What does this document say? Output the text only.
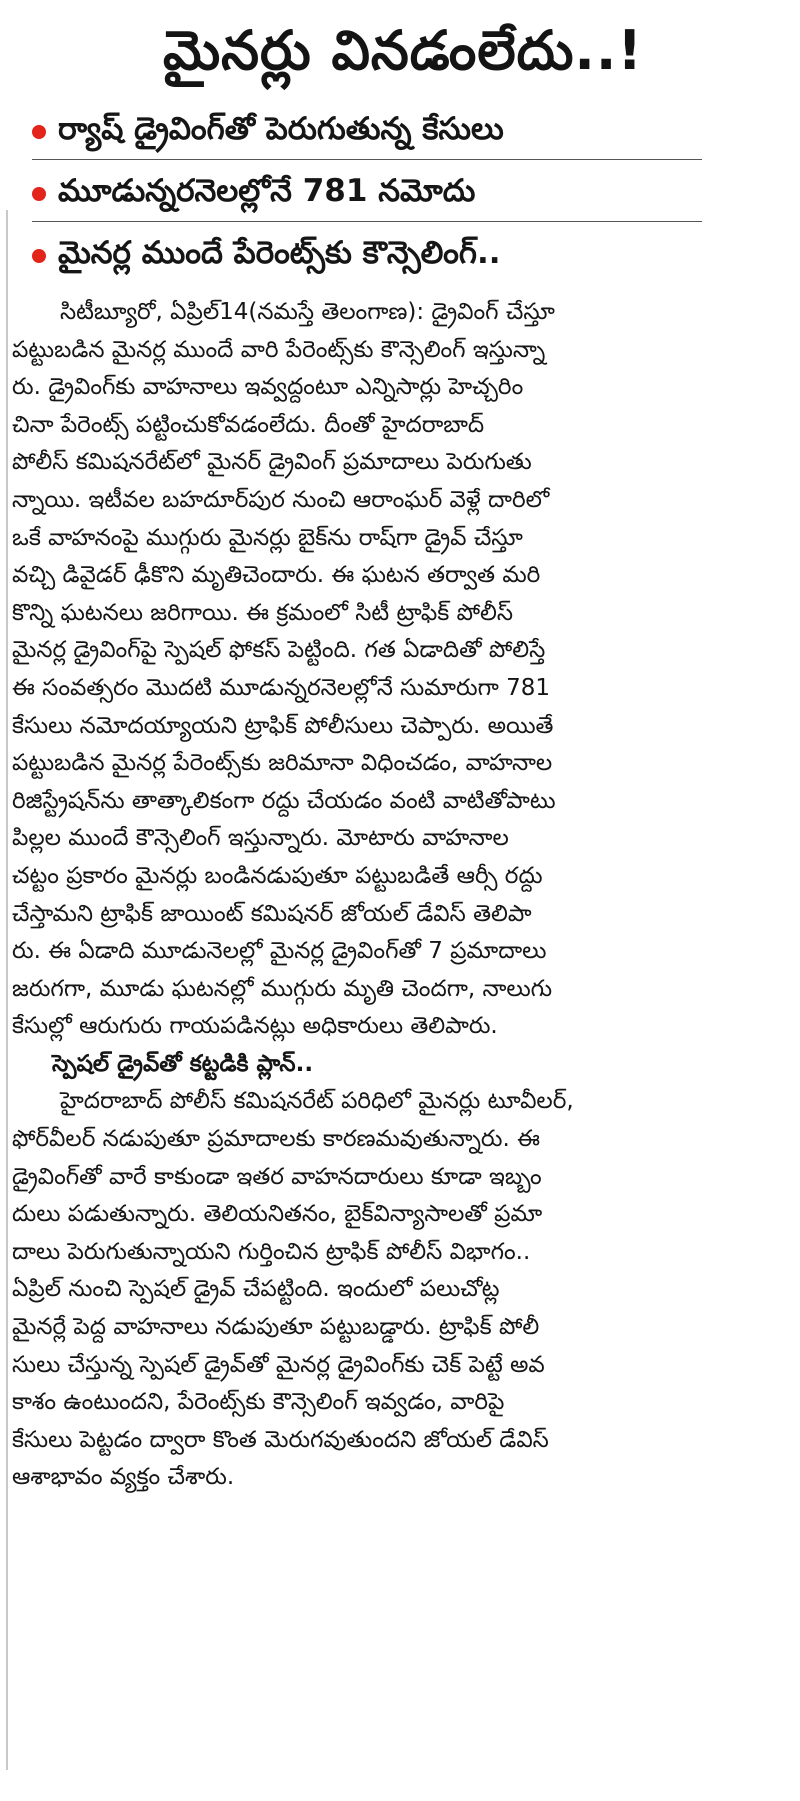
మైనర్లు వినడంలేదు..!
ర్యాష్ డ్రైవింగ్‌తో పెరుగుతున్న కేసులు
మూడున్నరనెలల్లోనే 781 నమోదు
మైనర్ల ముందే పేరెంట్స్‌కు కౌన్సెలింగ్..
సిటీబ్యూరో, ఏప్రిల్14(నమస్తే తెలంగాణ): డ్రైవింగ్ చేస్తూ
పట్టుబడిన మైనర్ల ముందే వారి పేరెంట్స్‌కు కౌన్సెలింగ్ ఇస్తున్నా
రు. డ్రైవింగ్‌కు వాహనాలు ఇవ్వద్దంటూ ఎన్నిసార్లు హెచ్చరిం
చినా పేరెంట్స్ పట్టించుకోవడంలేదు. దీంతో హైదరాబాద్
పోలీస్ కమిషనరేట్‌లో మైనర్ డ్రైవింగ్ ప్రమాదాలు పెరుగుతు
న్నాయి. ఇటీవల బహదూర్‌పుర నుంచి ఆరాంఘర్ వెళ్లే దారిలో
ఒకే వాహనంపై ముగ్గురు మైనర్లు బైక్‌ను రాష్‌గా డ్రైవ్ చేస్తూ
వచ్చి డివైడర్ ఢీకొని మృతిచెందారు. ఈ ఘటన తర్వాత మరి
కొన్ని ఘటనలు జరిగాయి. ఈ క్రమంలో సిటీ ట్రాఫిక్ పోలీస్
మైనర్ల డ్రైవింగ్‌పై స్పెషల్ ఫోకస్ పెట్టింది. గత ఏడాదితో పోలిస్తే
ఈ సంవత్సరం మొదటి మూడున్నరనెలల్లోనే సుమారుగా 781
కేసులు నమోదయ్యాయని ట్రాఫిక్ పోలీసులు చెప్పారు. అయితే
పట్టుబడిన మైనర్ల పేరెంట్స్‌కు జరిమానా విధించడం, వాహనాల
రిజిస్ట్రేషన్‌ను తాత్కాలికంగా రద్దు చేయడం వంటి వాటితోపాటు
పిల్లల ముందే కౌన్సెలింగ్ ఇస్తున్నారు. మోటారు వాహనాల
చట్టం ప్రకారం మైనర్లు బండినడుపుతూ పట్టుబడితే ఆర్సీ రద్దు
చేస్తామని ట్రాఫిక్ జాయింట్ కమిషనర్ జోయల్ డేవిస్ తెలిపా
రు. ఈ ఏడాది మూడునెలల్లో మైనర్ల డ్రైవింగ్‌తో 7 ప్రమాదాలు
జరుగగా, మూడు ఘటనల్లో ముగ్గురు మృతి చెందగా, నాలుగు
కేసుల్లో ఆరుగురు గాయపడినట్లు అధికారులు తెలిపారు.
స్పెషల్ డ్రైవ్‌తో కట్టడికి ప్లాన్..
హైదరాబాద్ పోలీస్ కమిషనరేట్ పరిధిలో మైనర్లు టూవీలర్,
ఫోర్‌వీలర్ నడుపుతూ ప్రమాదాలకు కారణమవుతున్నారు. ఈ
డ్రైవింగ్‌తో వారే కాకుండా ఇతర వాహనదారులు కూడా ఇబ్బం
దులు పడుతున్నారు. తెలియనితనం, బైక్‌విన్యాసాలతో ప్రమా
దాలు పెరుగుతున్నాయని గుర్తించిన ట్రాఫిక్ పోలీస్ విభాగం..
ఏప్రిల్ నుంచి స్పెషల్ డ్రైవ్ చేపట్టింది. ఇందులో పలుచోట్ల
మైనర్లే పెద్ద వాహనాలు నడుపుతూ పట్టుబడ్డారు. ట్రాఫిక్ పోలీ
సులు చేస్తున్న స్పెషల్ డ్రైవ్‌తో మైనర్ల డ్రైవింగ్‌కు చెక్ పెట్టే అవ
కాశం ఉంటుందని, పేరెంట్స్‌కు కౌన్సెలింగ్ ఇవ్వడం, వారిపై
కేసులు పెట్టడం ద్వారా కొంత మెరుగవుతుందని జోయల్ డేవిస్
ఆశాభావం వ్యక్తం చేశారు.
